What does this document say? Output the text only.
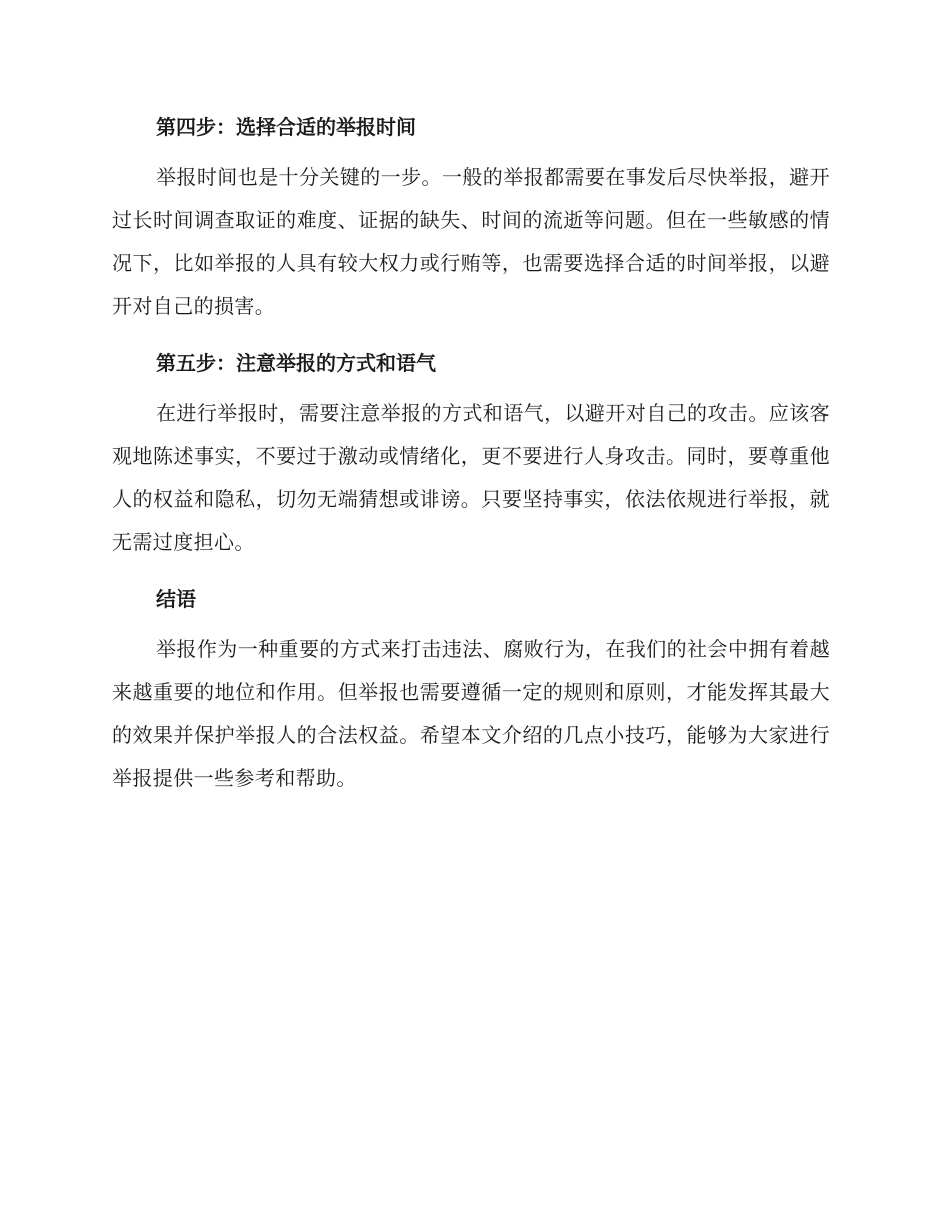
第四步：选择合适的举报时间

举报时间也是十分关键的一步。一般的举报都需要在事发后尽快举报，避开过长时间调查取证的难度、证据的缺失、时间的流逝等问题。但在一些敏感的情况下，比如举报的人具有较大权力或行贿等，也需要选择合适的时间举报，以避开对自己的损害。

第五步：注意举报的方式和语气

在进行举报时，需要注意举报的方式和语气，以避开对自己的攻击。应该客观地陈述事实，不要过于激动或情绪化，更不要进行人身攻击。同时，要尊重他人的权益和隐私，切勿无端猜想或诽谤。只要坚持事实，依法依规进行举报，就无需过度担心。

结语

举报作为一种重要的方式来打击违法、腐败行为，在我们的社会中拥有着越来越重要的地位和作用。但举报也需要遵循一定的规则和原则，才能发挥其最大的效果并保护举报人的合法权益。希望本文介绍的几点小技巧，能够为大家进行举报提供一些参考和帮助。
